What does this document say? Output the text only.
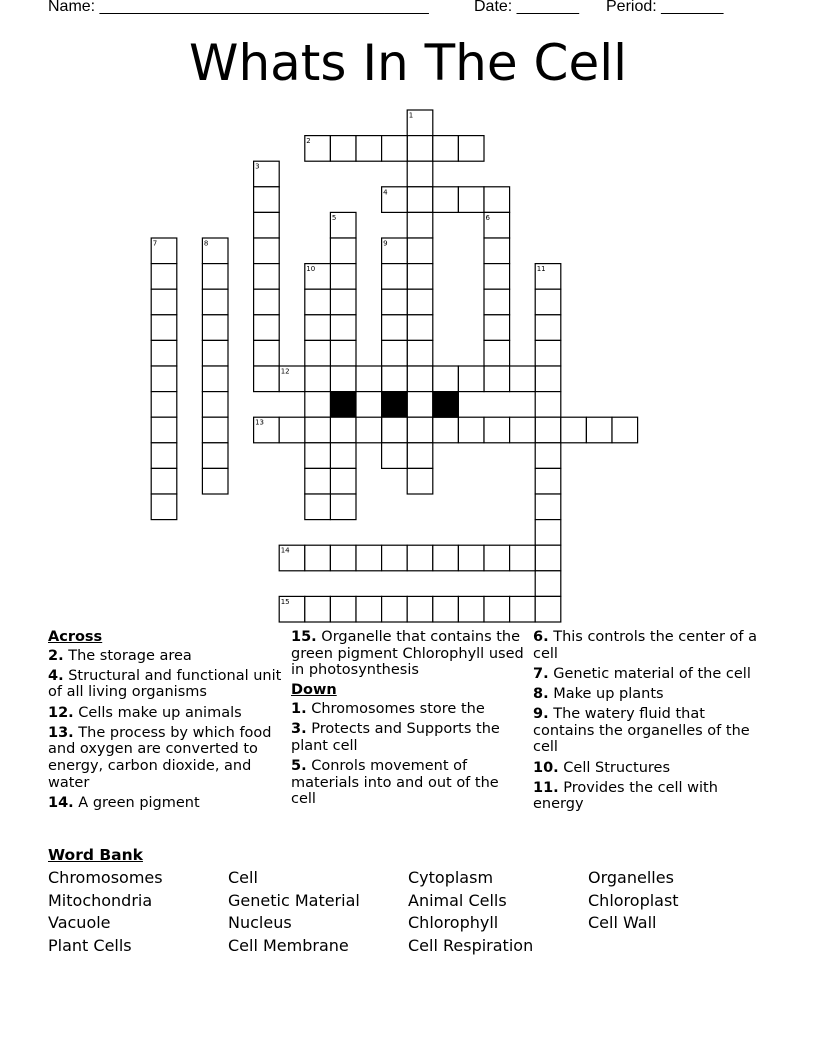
Name: _____________________________________	Date: _______ Period: _______
Whats In The Cell
1
2
3
4
5	6
7	8	9
10	11
12
13
14
15
Across
2. The storage area
4. Structural and functional unit of all living organisms
12. Cells make up animals
13. The process by which food and oxygen are converted to energy, carbon dioxide, and water
14. A green pigment
15. Organelle that contains the green pigment Chlorophyll used in photosynthesis
Down
1. Chromosomes store the
3. Protects and Supports the plant cell
5. Conrols movement of materials into and out of the cell
6. This controls the center of a cell
7. Genetic material of the cell
8. Make up plants
9. The watery fluid that contains the organelles of the cell
10. Cell Structures
11. Provides the cell with energy
Word Bank
Chromosomes	Cell	Cytoplasm	Organelles
Mitochondria	Genetic Material	Animal Cells	Chloroplast
Vacuole	Nucleus	Chlorophyll	Cell Wall
Plant Cells	Cell Membrane	Cell Respiration
